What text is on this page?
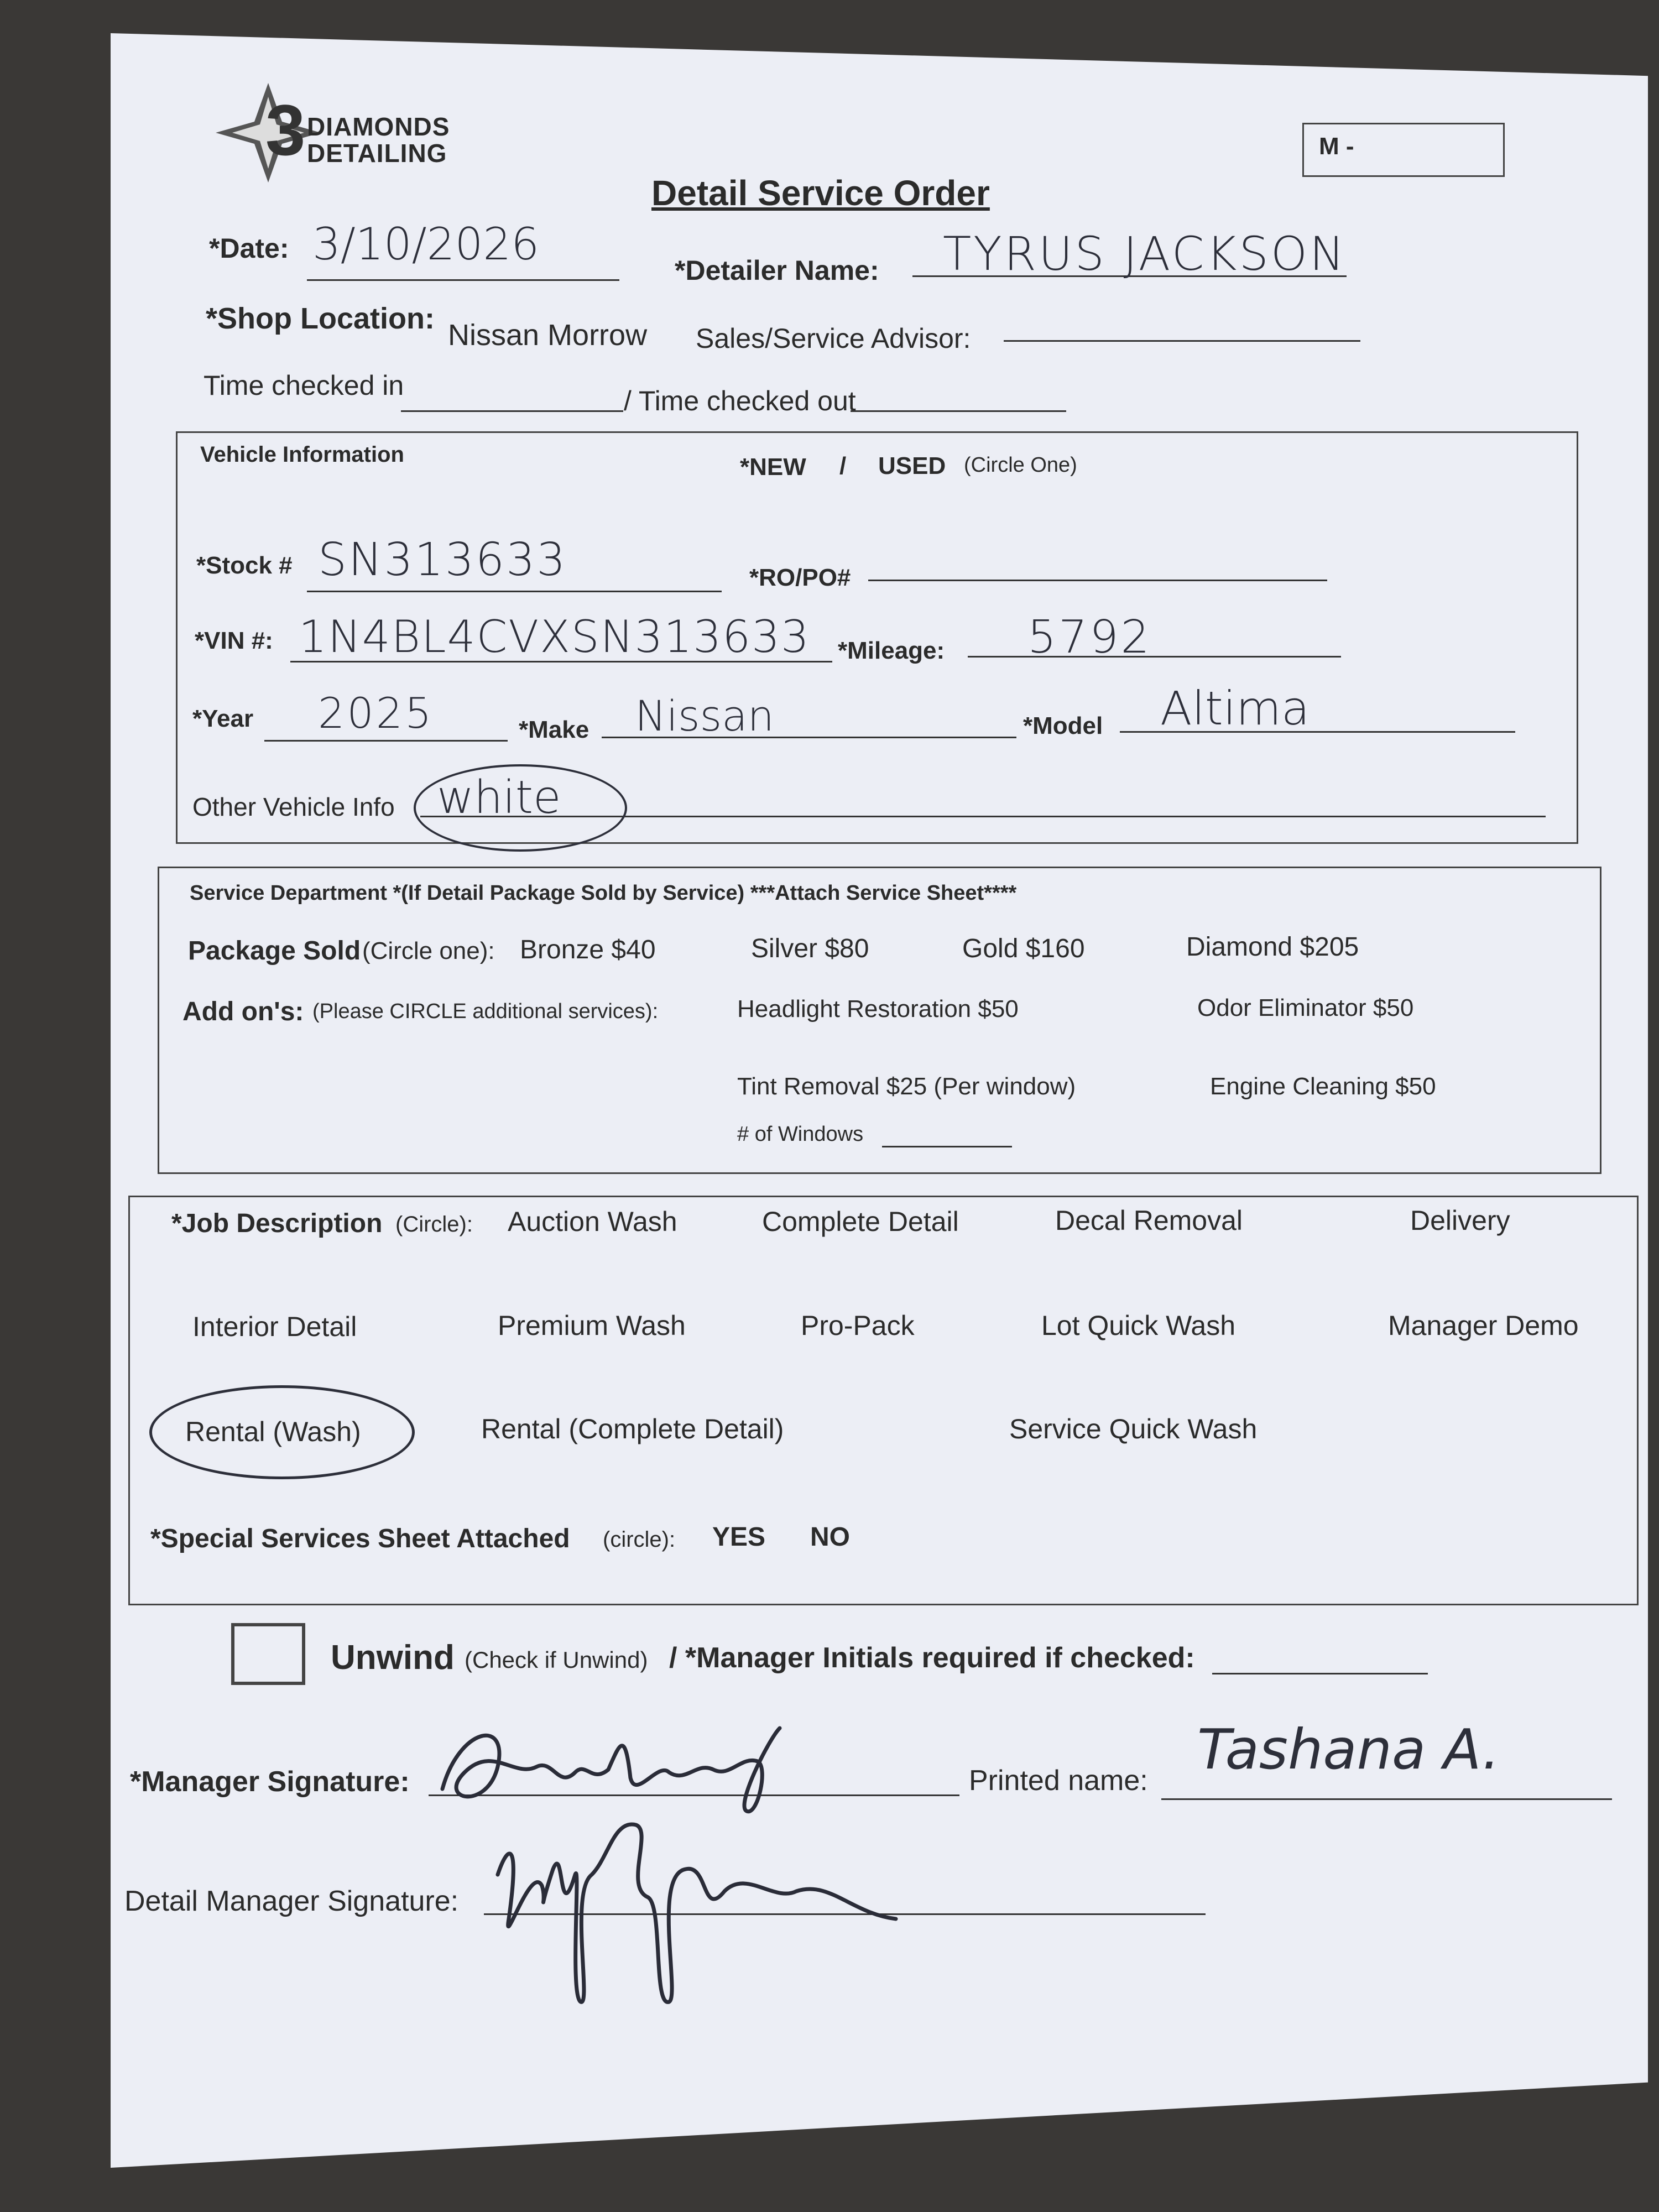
3 DIAMONDS
DETAILING	M -
Detail Service Order
*Date: 3/10/2026
*Detailer Name: TYRUS JACKSON
*Shop Location: Nissan Morrow Sales/Service Advisor:
Time checked in	/ Time checked out
Vehicle Information	*NEW / USED (Circle One)
*Stock # SN313633	*RO/PO#
*VIN #: 1N4BL4CVXSN313633 *Mileage: 5792
*Year 2025	*Make Nissan	*Model Altima
Other Vehicle Info white
Service Department *(If Detail Package Sold by Service) ***Attach Service Sheet****
Package Sold (Circle one): Bronze $40	Silver $80	Gold $160	Diamond $205
Add on's: (Please CIRCLE additional services):	Headlight Restoration $50	Odor Eliminator $50
Tint Removal $25 (Per window)	Engine Cleaning $50
# of Windows
*Job Description (Circle): Auction Wash	Complete Detail	Decal Removal	Delivery
Interior Detail	Premium Wash	Pro-Pack	Lot Quick Wash	Manager Demo
Rental (Wash)	Rental (Complete Detail)	Service Quick Wash
*Special Services Sheet Attached (circle): YES NO
Unwind (Check if Unwind) / *Manager Initials required if checked:
*Manager Signature:	Printed name: Tashana A.
Detail Manager Signature:
